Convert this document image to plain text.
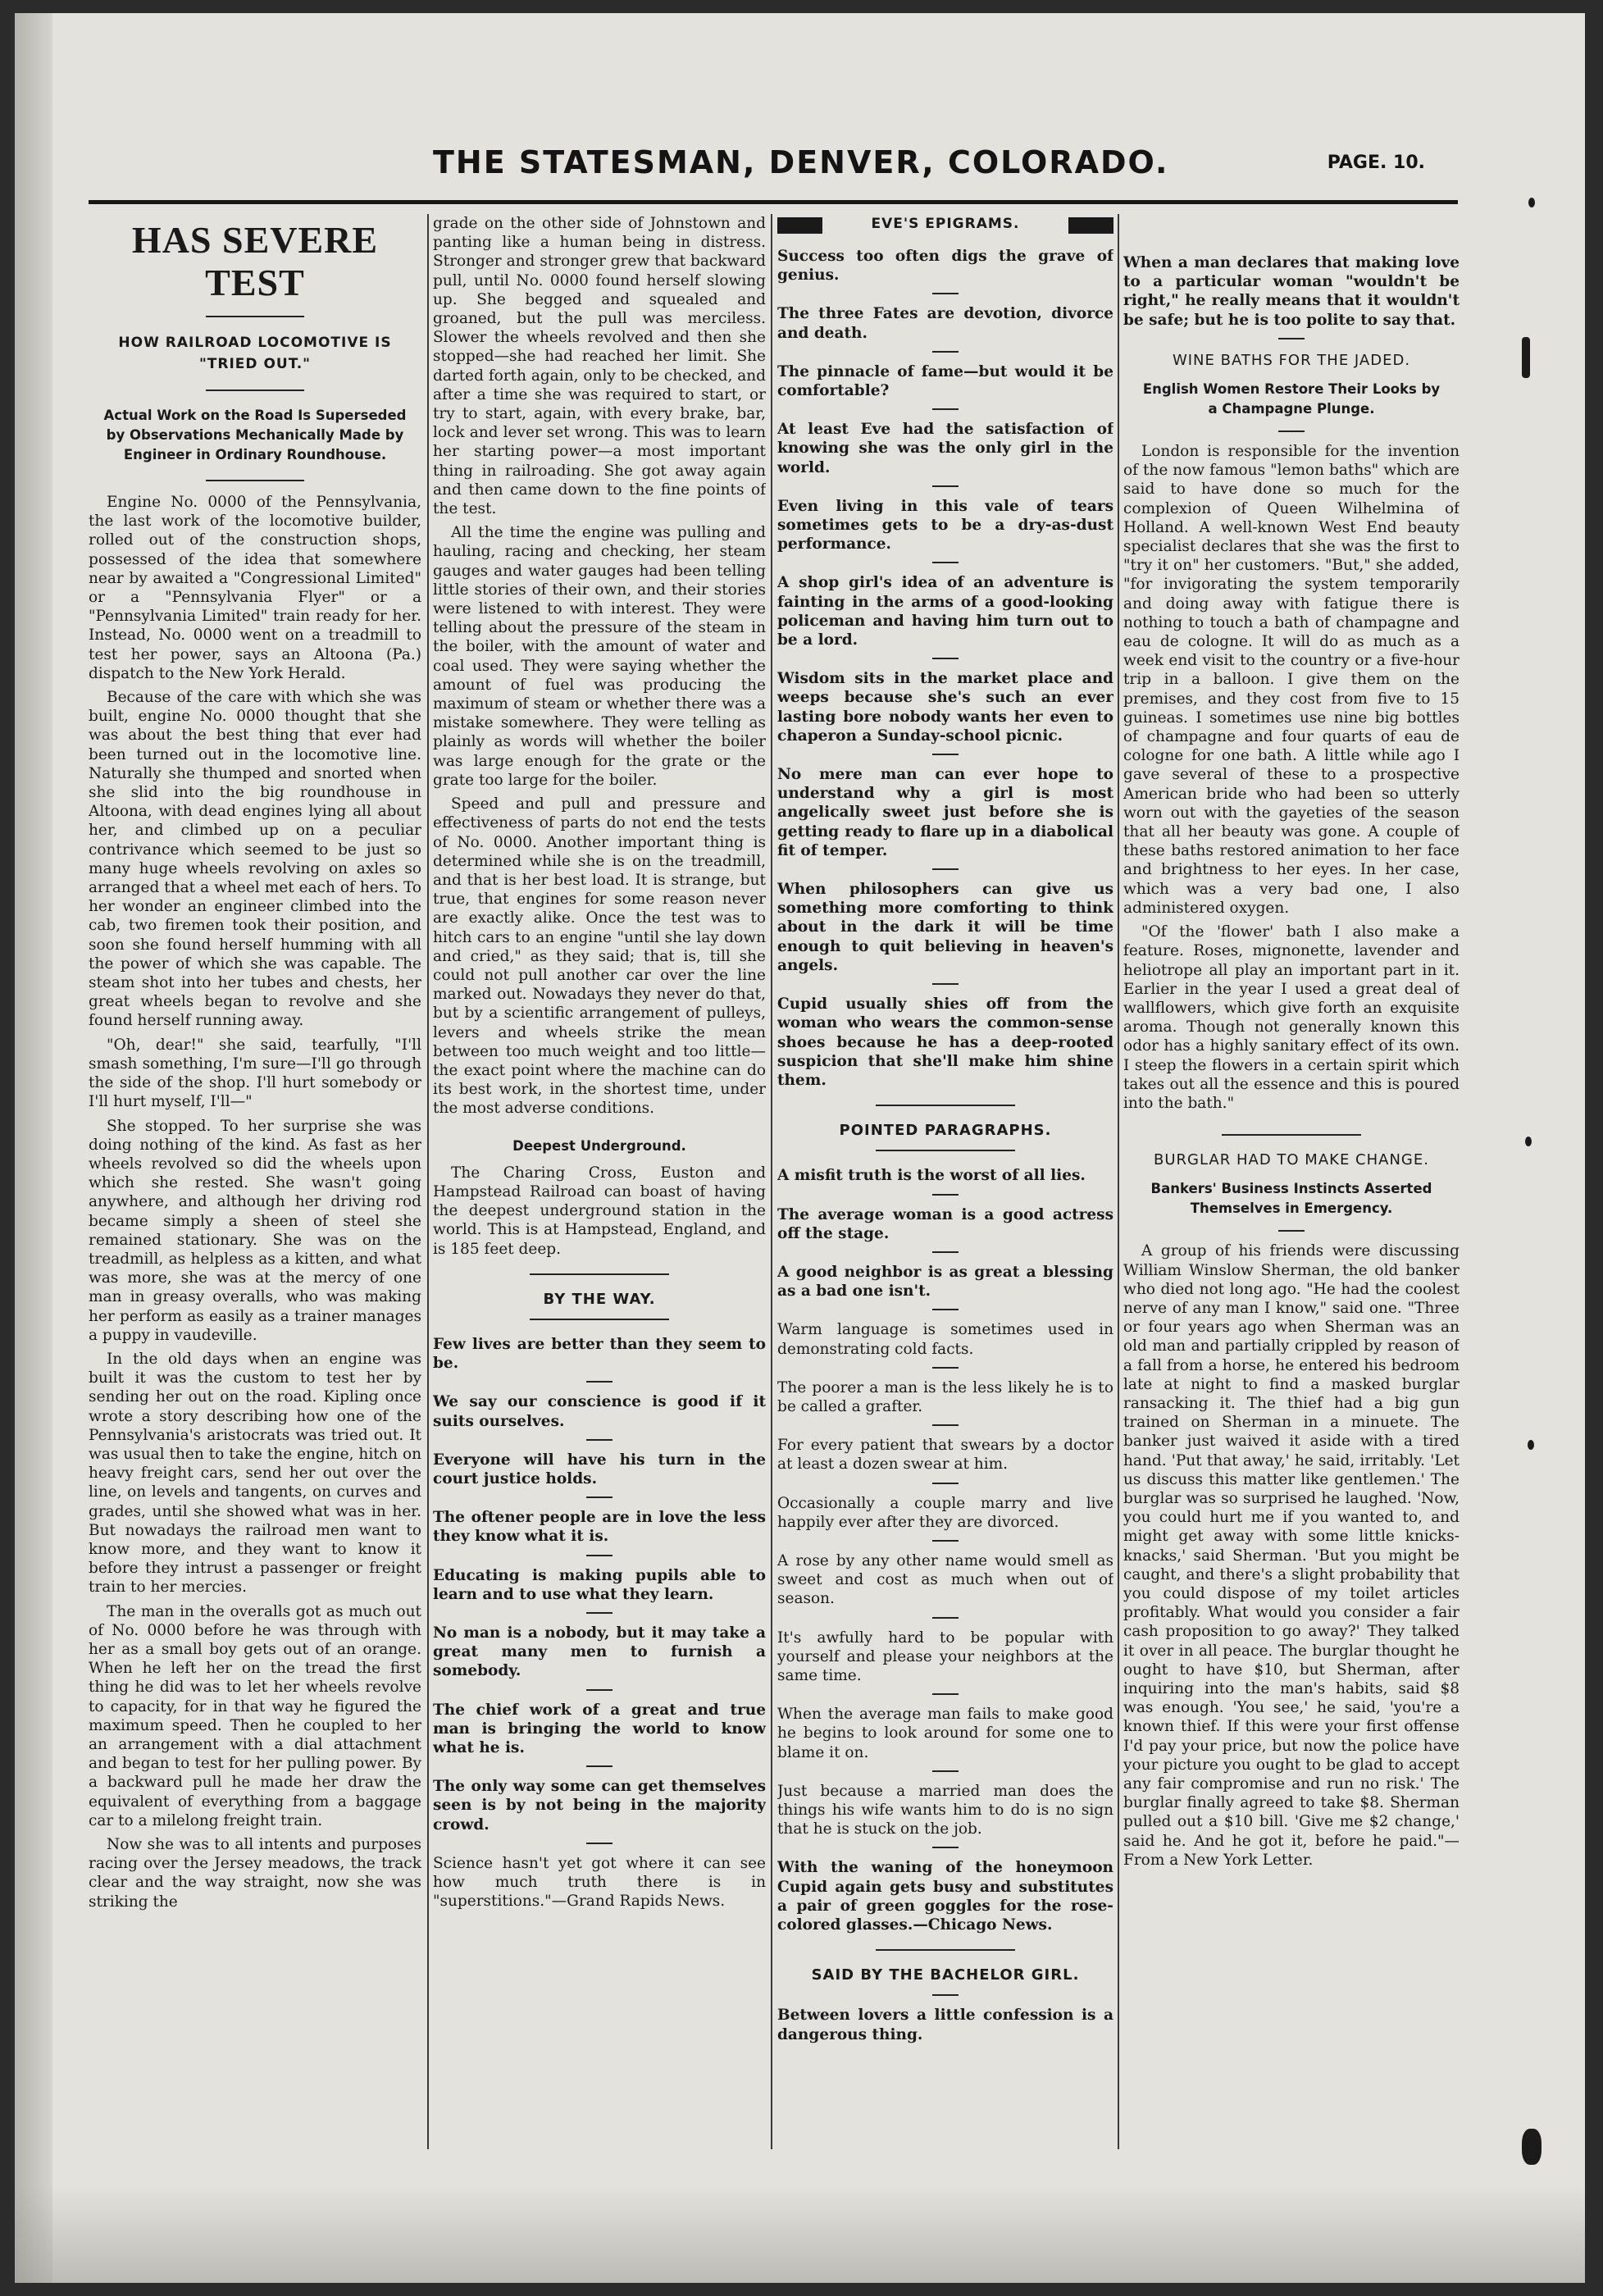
THE STATESMAN, DENVER, COLORADO.	PAGE. 10.
HAS SEVERE TEST
HOW RAILROAD LOCOMOTIVE IS "TRIED OUT."
Actual Work on the Road Is Superseded by Observations Mechanically Made by Engineer in Ordinary Roundhouse.

Engine No. 0000 of the Pennsylvania, the last work of the locomotive builder, rolled out of the construction shops, possessed of the idea that somewhere near by awaited a "Congressional Limited" or a "Pennsylvania Flyer" or a "Pennsylvania Limited" train ready for her. Instead, No. 0000 went on a treadmill to test her power, says an Altoona (Pa.) dispatch to the New York Herald.

Because of the care with which she was built, engine No. 0000 thought that she was about the best thing that ever had been turned out in the locomotive line. Naturally she thumped and snorted when she slid into the big roundhouse in Altoona, with dead engines lying all about her, and climbed up on a peculiar contrivance which seemed to be just so many huge wheels revolving on axles so arranged that a wheel met each of hers. To her wonder an engineer climbed into the cab, two firemen took their position, and soon she found herself humming with all the power of which she was capable. The steam shot into her tubes and chests, her great wheels began to revolve and she found herself running away.

"Oh, dear!" she said, tearfully, "I'll smash something, I'm sure—I'll go through the side of the shop. I'll hurt somebody or I'll hurt myself, I'll—"

She stopped. To her surprise she was doing nothing of the kind. As fast as her wheels revolved so did the wheels upon which she rested. She wasn't going anywhere, and although her driving rod became simply a sheen of steel she remained stationary. She was on the treadmill, as helpless as a kitten, and what was more, she was at the mercy of one man in greasy overalls, who was making her perform as easily as a trainer manages a puppy in vaudeville.

In the old days when an engine was built it was the custom to test her by sending her out on the road. Kipling once wrote a story describing how one of the Pennsylvania's aristocrats was tried out. It was usual then to take the engine, hitch on heavy freight cars, send her out over the line, on levels and tangents, on curves and grades, until she showed what was in her. But nowadays the railroad men want to know more, and they want to know it before they intrust a passenger or freight train to her mercies.

The man in the overalls got as much out of No. 0000 before he was through with her as a small boy gets out of an orange. When he left her on the tread the first thing he did was to let her wheels revolve to capacity, for in that way he figured the maximum speed. Then he coupled to her an arrangement with a dial attachment and began to test for her pulling power. By a backward pull he made her draw the equivalent of everything from a baggage car to a milelong freight train.

Now she was to all intents and purposes racing over the Jersey meadows, the track clear and the way straight, now she was striking the

grade on the other side of Johnstown and panting like a human being in distress. Stronger and stronger grew that backward pull, until No. 0000 found herself slowing up. She begged and squealed and groaned, but the pull was merciless. Slower the wheels revolved and then she stopped—she had reached her limit. She darted forth again, only to be checked, and after a time she was required to start, or try to start, again, with every brake, bar, lock and lever set wrong. This was to learn her starting power—a most important thing in railroading. She got away again and then came down to the fine points of the test.

All the time the engine was pulling and hauling, racing and checking, her steam gauges and water gauges had been telling little stories of their own, and their stories were listened to with interest. They were telling about the pressure of the steam in the boiler, with the amount of water and coal used. They were saying whether the amount of fuel was producing the maximum of steam or whether there was a mistake somewhere. They were telling as plainly as words will whether the boiler was large enough for the grate or the grate too large for the boiler.

Speed and pull and pressure and effectiveness of parts do not end the tests of No. 0000. Another important thing is determined while she is on the treadmill, and that is her best load. It is strange, but true, that engines for some reason never are exactly alike. Once the test was to hitch cars to an engine "until she lay down and cried," as they said; that is, till she could not pull another car over the line marked out. Nowadays they never do that, but by a scientific arrangement of pulleys, levers and wheels strike the mean between too much weight and too little—the exact point where the machine can do its best work, in the shortest time, under the most adverse conditions.

Deepest Underground.

The Charing Cross, Euston and Hampstead Railroad can boast of having the deepest underground station in the world. This is at Hampstead, England, and is 185 feet deep.

BY THE WAY.

Few lives are better than they seem to be.

We say our conscience is good if it suits ourselves.

Everyone will have his turn in the court justice holds.

The oftener people are in love the less they know what it is.

Educating is making pupils able to learn and to use what they learn.

No man is a nobody, but it may take a great many men to furnish a somebody.

The chief work of a great and true man is bringing the world to know what he is.

The only way some can get themselves seen is by not being in the majority crowd.

Science hasn't yet got where it can see how much truth there is in "superstitions."—Grand Rapids News.

EVE'S EPIGRAMS.

Success too often digs the grave of genius.

The three Fates are devotion, divorce and death.

The pinnacle of fame—but would it be comfortable?

At least Eve had the satisfaction of knowing she was the only girl in the world.

Even living in this vale of tears sometimes gets to be a dry-as-dust performance.

A shop girl's idea of an adventure is fainting in the arms of a good-looking policeman and having him turn out to be a lord.

Wisdom sits in the market place and weeps because she's such an ever lasting bore nobody wants her even to chaperon a Sunday-school picnic.

No mere man can ever hope to understand why a girl is most angelically sweet just before she is getting ready to flare up in a diabolical fit of temper.

When philosophers can give us something more comforting to think about in the dark it will be time enough to quit believing in heaven's angels.

Cupid usually shies off from the woman who wears the common-sense shoes because he has a deep-rooted suspicion that she'll make him shine them.

POINTED PARAGRAPHS.

A misfit truth is the worst of all lies.

The average woman is a good actress off the stage.

A good neighbor is as great a blessing as a bad one isn't.

Warm language is sometimes used in demonstrating cold facts.

The poorer a man is the less likely he is to be called a grafter.

For every patient that swears by a doctor at least a dozen swear at him.

Occasionally a couple marry and live happily ever after they are divorced.

A rose by any other name would smell as sweet and cost as much when out of season.

It's awfully hard to be popular with yourself and please your neighbors at the same time.

When the average man fails to make good he begins to look around for some one to blame it on.

Just because a married man does the things his wife wants him to do is no sign that he is stuck on the job.

With the waning of the honeymoon Cupid again gets busy and substitutes a pair of green goggles for the rose-colored glasses.—Chicago News.

SAID BY THE BACHELOR GIRL.

Between lovers a little confession is a dangerous thing.

When a man declares that making love to a particular woman "wouldn't be right," he really means that it wouldn't be safe; but he is too polite to say that.

WINE BATHS FOR THE JADED.
English Women Restore Their Looks by a Champagne Plunge.

London is responsible for the invention of the now famous "lemon baths" which are said to have done so much for the complexion of Queen Wilhelmina of Holland. A well-known West End beauty specialist declares that she was the first to "try it on" her customers. "But," she added, "for invigorating the system temporarily and doing away with fatigue there is nothing to touch a bath of champagne and eau de cologne. It will do as much as a week end visit to the country or a five-hour trip in a balloon. I give them on the premises, and they cost from five to 15 guineas. I sometimes use nine big bottles of champagne and four quarts of eau de cologne for one bath. A little while ago I gave several of these to a prospective American bride who had been so utterly worn out with the gayeties of the season that all her beauty was gone. A couple of these baths restored animation to her face and brightness to her eyes. In her case, which was a very bad one, I also administered oxygen.

"Of the 'flower' bath I also make a feature. Roses, mignonette, lavender and heliotrope all play an important part in it. Earlier in the year I used a great deal of wallflowers, which give forth an exquisite aroma. Though not generally known this odor has a highly sanitary effect of its own. I steep the flowers in a certain spirit which takes out all the essence and this is poured into the bath."

BURGLAR HAD TO MAKE CHANGE.
Bankers' Business Instincts Asserted Themselves in Emergency.

A group of his friends were discussing William Winslow Sherman, the old banker who died not long ago. "He had the coolest nerve of any man I know," said one. "Three or four years ago when Sherman was an old man and partially crippled by reason of a fall from a horse, he entered his bedroom late at night to find a masked burglar ransacking it. The thief had a big gun trained on Sherman in a minuete. The banker just waived it aside with a tired hand. 'Put that away,' he said, irritably. 'Let us discuss this matter like gentlemen.' The burglar was so surprised he laughed. 'Now, you could hurt me if you wanted to, and might get away with some little knicks-knacks,' said Sherman. 'But you might be caught, and there's a slight probability that you could dispose of my toilet articles profitably. What would you consider a fair cash proposition to go away?' They talked it over in all peace. The burglar thought he ought to have $10, but Sherman, after inquiring into the man's habits, said $8 was enough. 'You see,' he said, 'you're a known thief. If this were your first offense I'd pay your price, but now the police have your picture you ought to be glad to accept any fair compromise and run no risk.' The burglar finally agreed to take $8. Sherman pulled out a $10 bill. 'Give me $2 change,' said he. And he got it, before he paid."—From a New York Letter.
